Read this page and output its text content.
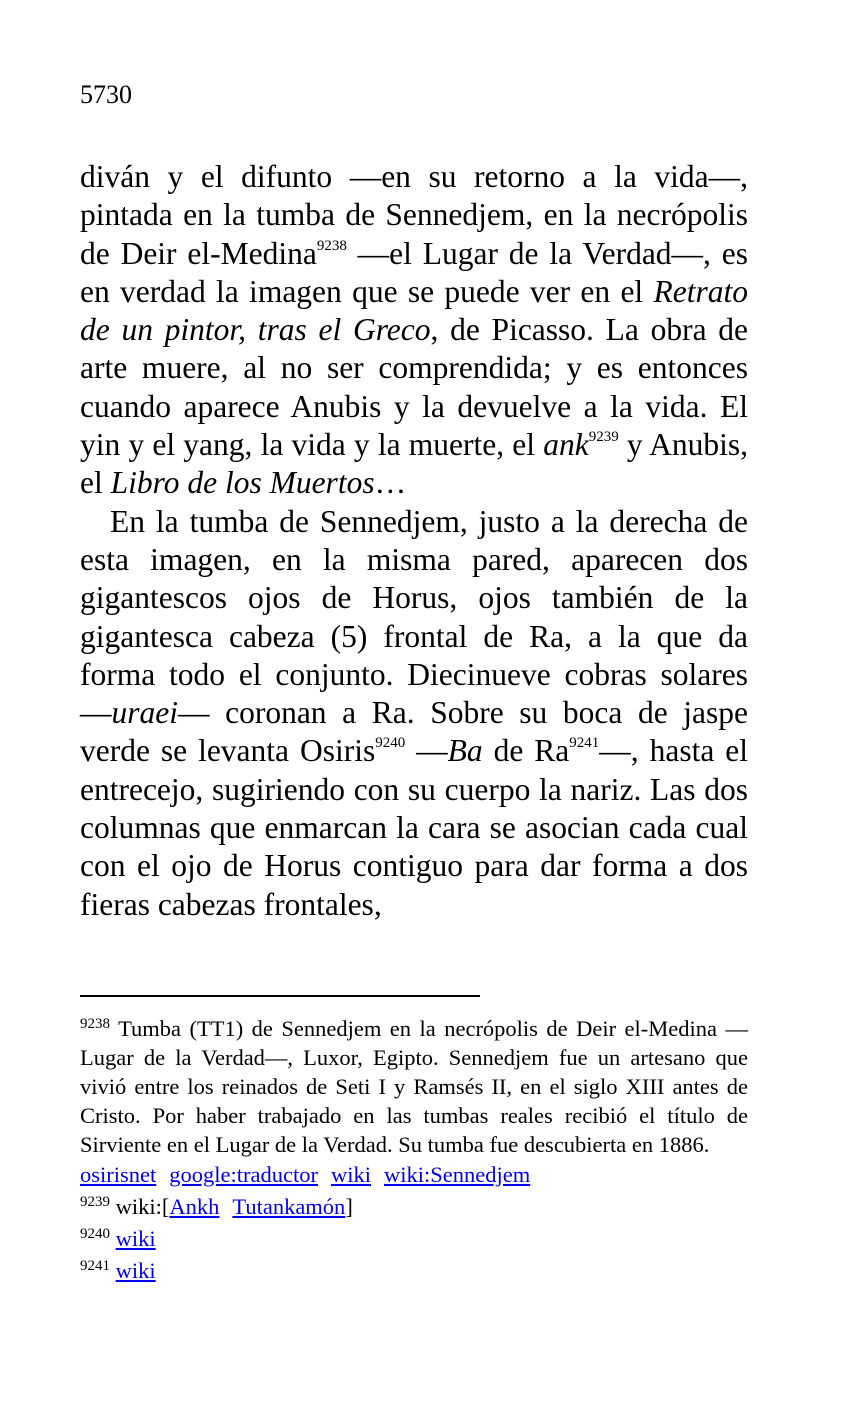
5730

diván y el difunto —en su retorno a la vida—, pintada en la tumba de Sennedjem, en la necrópolis de Deir el-Medina$^{9238}$ —el Lugar de la Verdad—, es en verdad la imagen que se puede ver en el Retrato de un pintor, tras el Greco, de Picasso. La obra de arte muere, al no ser comprendida; y es entonces cuando aparece Anubis y la devuelve a la vida. El yin y el yang, la vida y la muerte, el ank$^{9239}$ y Anubis, el Libro de los Muertos…

En la tumba de Sennedjem, justo a la derecha de esta imagen, en la misma pared, aparecen dos gigantescos ojos de Horus, ojos también de la gigantesca cabeza (5) frontal de Ra, a la que da forma todo el conjunto. Diecinueve cobras solares —uraei— coronan a Ra. Sobre su boca de jaspe verde se levanta Osiris$^{9240}$ —Ba de $Ra^{9241}—$, hasta el entrecejo, sugiriendo con su cuerpo la nariz. Las dos columnas que enmarcan la cara se asocian cada cual con el ojo de Horus contiguo para dar forma a dos fieras cabezas frontales,

$^{9238}$ Tumba (TT1) de Sennedjem en la necrópolis de Deir el-Medina —Lugar de la Verdad—, Luxor, Egipto. Sennedjem fue un artesano que vivió entre los reinados de Seti I y Ramsés II, en el siglo XIII antes de Cristo. Por haber trabajado en las tumbas reales recibió el título de Sirviente en el Lugar de la Verdad. Su tumba fue descubierta en 1886.

osirisnet google:traductor wiki wiki:Sennedjem

$^{9239}$ wiki:[Ankh Tutankamón]

$^{9240}$ wiki

$^{9241}$ wiki
